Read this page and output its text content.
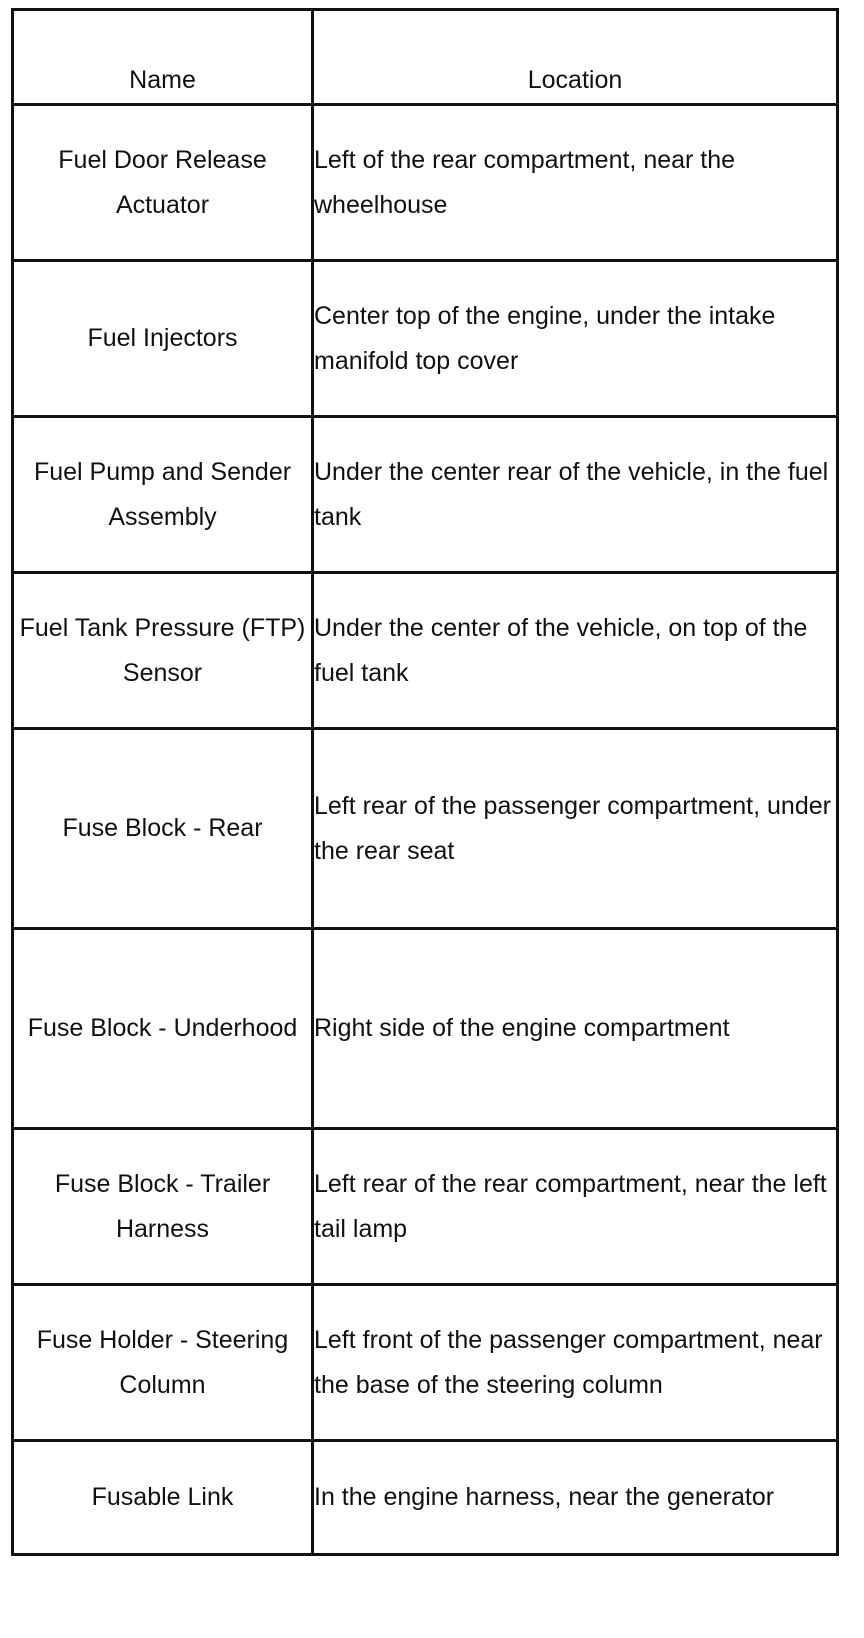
Name	Location
Fuel Door Release Actuator	Left of the rear compartment, near the wheelhouse
Fuel Injectors	Center top of the engine, under the intake manifold top cover
Fuel Pump and Sender Assembly	Under the center rear of the vehicle, in the fuel tank
Fuel Tank Pressure (FTP) Sensor	Under the center of the vehicle, on top of the fuel tank
Fuse Block - Rear	Left rear of the passenger compartment, under the rear seat
Fuse Block - Underhood	Right side of the engine compartment
Fuse Block - Trailer Harness	Left rear of the rear compartment, near the left tail lamp
Fuse Holder - Steering Column	Left front of the passenger compartment, near the base of the steering column
Fusable Link	In the engine harness, near the generator
